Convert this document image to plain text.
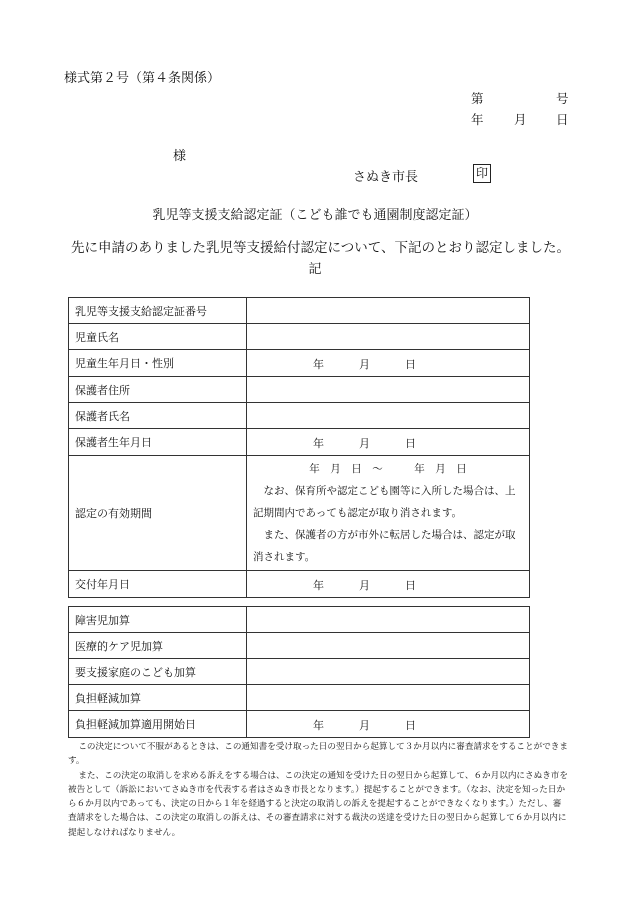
様式第２号（第４条関係）
第	号
年 月 日
様
さぬき市長	印
乳児等支援支給認定証（こども誰でも通園制度認定証）
先に申請のありました乳児等支援給付認定について、下記のとおり認定しました。
記
乳児等支援支給認定証番号	
児童氏名	
児童生年月日・性別	年 月 日

保護者住所	
保護者氏名	
保護者生年月日	年 月 日

認定の有効期間	年　月　日　～　　　年　月　日
なお、保育所や認定こども園等に入所した場合は、上記期間内であっても認定が取り消されます。
また、保護者の方が市外に転居した場合は、認定が取消されます。

交付年月日	年 月 日
障害児加算	
医療的ケア児加算	
要支援家庭のこども加算	
負担軽減加算	
負担軽減加算適用開始日	年 月 日

この決定について不服があるときは、この通知書を受け取った日の翌日から起算して３か月以内に審査請求をすることができます。

また、この決定の取消しを求める訴えをする場合は、この決定の通知を受けた日の翌日から起算して、６か月以内にさぬき市を被告として（訴訟においてさぬき市を代表する者はさぬき市長となります。）提起することができます。（なお、決定を知った日から６か月以内であっても、決定の日から１年を経過すると決定の取消しの訴えを提起することができなくなります。）ただし、審査請求をした場合は、この決定の取消しの訴えは、その審査請求に対する裁決の送達を受けた日の翌日から起算して６か月以内に提起しなければなりません。
